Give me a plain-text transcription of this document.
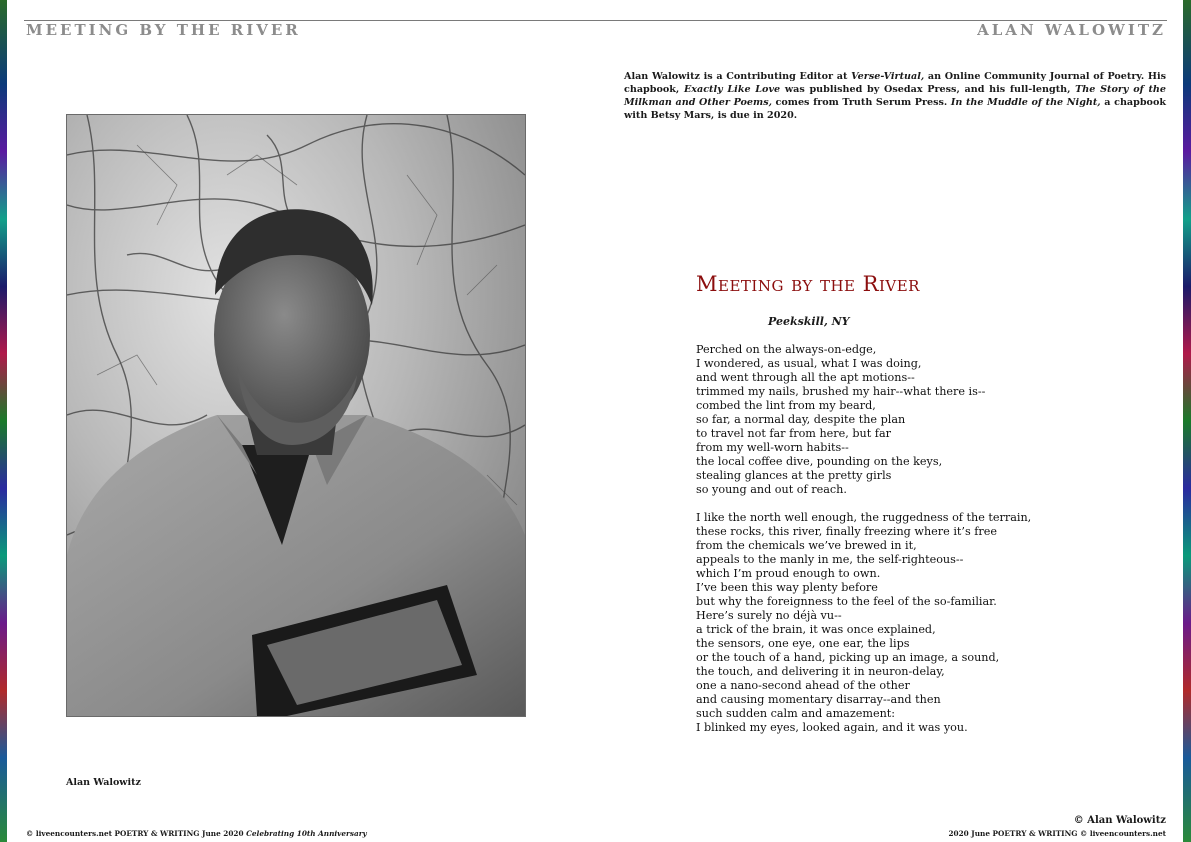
MEETING BY THE RIVER	ALAN WALOWITZ
Alan Walowitz is a Contributing Editor at Verse-Virtual, an Online Community Journal of Poetry. His chapbook, Exactly Like Love was published by Osedax Press, and his full-length, The Story of the Milkman and Other Poems, comes from Truth Serum Press. In the Muddle of the Night, a chapbook with Betsy Mars, is due in 2020.
Alan Walowitz
Meeting by the River
Peekskill, NY
Perched on the always-on-edge,
I wondered, as usual, what I was doing,
and went through all the apt motions--
trimmed my nails, brushed my hair--what there is--
combed the lint from my beard,
so far, a normal day, despite the plan
to travel not far from here, but far
from my well-worn habits--
the local coffee dive, pounding on the keys,
stealing glances at the pretty girls
so young and out of reach.
I like the north well enough, the ruggedness of the terrain,
these rocks, this river, finally freezing where it’s free
from the chemicals we’ve brewed in it,
appeals to the manly in me, the self-righteous--
which I’m proud enough to own.
I’ve been this way plenty before
but why the foreignness to the feel of the so-familiar.
Here’s surely no déjà vu--
a trick of the brain, it was once explained,
the sensors, one eye, one ear, the lips
or the touch of a hand, picking up an image, a sound,
the touch, and delivering it in neuron-delay,
one a nano-second ahead of the other
and causing momentary disarray--and then
such sudden calm and amazement:
I blinked my eyes, looked again, and it was you.
© Alan Walowitz
© liveencounters.net POETRY & WRITING June 2020 Celebrating 10th Anniversary	2020 June POETRY & WRITING © liveencounters.net
